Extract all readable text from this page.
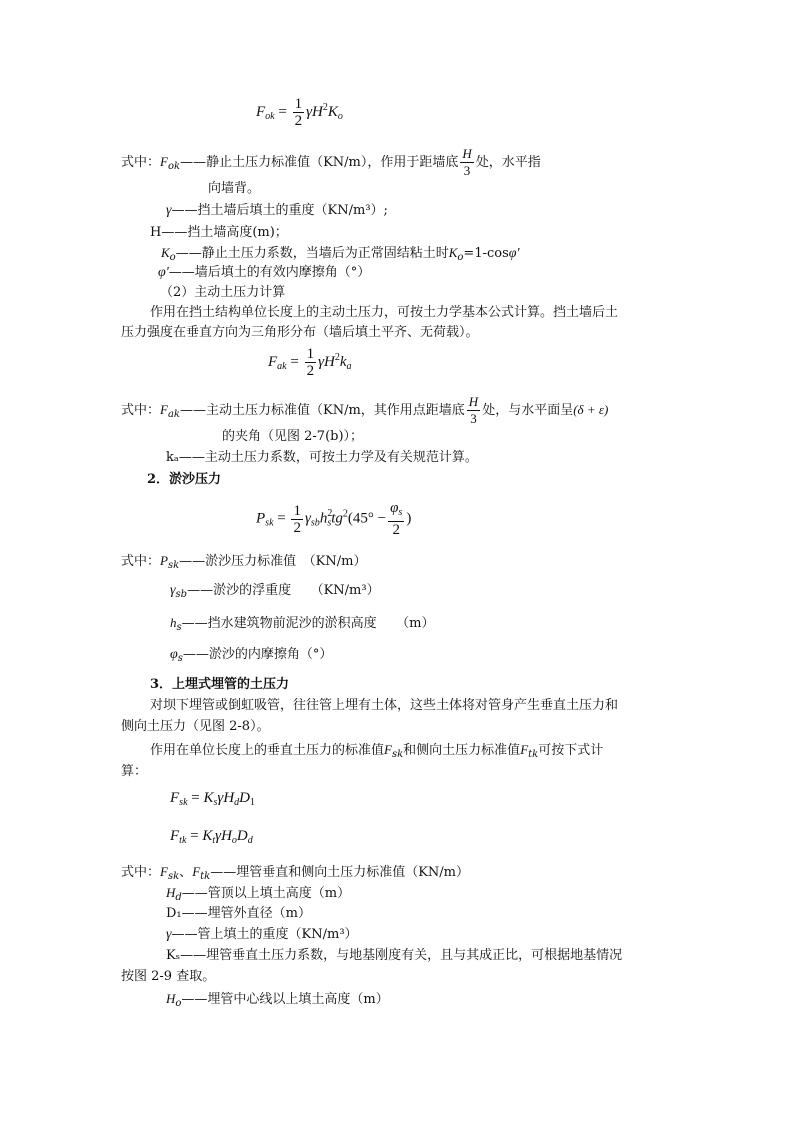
$F_{ok} = \frac{1}{2} \gamma H^2K_o$
式中：$F_{ok}——$静止土压力标准值（KN/m），作用于距墙底 $\frac{H}{3}$ 处，水平指
向墙背。
γ——挡土墙后填土的重度（KN/m³）;
H——挡土墙高度(m)；
$K_o——$静止土压力系数，当墙后为正常固结粘土时$K_o=1-\cos\varphi'$
φ'——墙后填土的有效内摩擦角（°）
（2）主动土压力计算
作用在挡土结构单位长度上的主动土压力，可按土力学基本公式计算。挡土墙后土
压力强度在垂直方向为三角形分布（墙后填土平齐、无荷载）。
$F_{ak} = \frac{1}{2} \gamma H^2k_a$
式中：$F_{ak}——$主动土压力标准值（KN/m，其作用点距墙底 $\frac{H}{3}$ 处，与水平面呈(δ + ε)
的夹角（见图 2-7(b)）；
kₐ——主动土压力系数，可按土力学及有关规范计算。
2．淤沙压力
$P_{sk} = \frac{1}{2} \gamma_{sb}h^2_stg^2(45^\circ - \frac{\varphi_s}{2}$ )
式中：$P_{sk}——$淤沙压力标准值　（KN/m）
$\gamma_{sb}——$淤沙的浮重度　　（KN/m³）
$h_s——$挡水建筑物前泥沙的淤积高度　　（m）
$\varphi_s——$淤沙的内摩擦角（°）
3．上埋式埋管的土压力
对坝下埋管或倒虹吸管，往往管上埋有土体，这些土体将对管身产生垂直土压力和
侧向土压力（见图 2-8）。
作用在单位长度上的垂直土压力的标准值$F_{sk}$和侧向土压力标准值$F_{tk}$可按下式计
算：
$F_{sk} = K_s\gamma H_dD_1$
$F_{tk} = K_t\gamma H_oD_d$
式中：$F_{sk}$、$F_{tk}——$埋管垂直和侧向土压力标准值（KN/m）
$H_d——$管顶以上填土高度（m）
D₁——埋管外直径（m）
γ——管上填土的重度（KN/m³）
Kₛ——埋管垂直土压力系数，与地基刚度有关，且与其成正比，可根据地基情况
按图 2-9 查取。
$H_o——$埋管中心线以上填土高度（m）
